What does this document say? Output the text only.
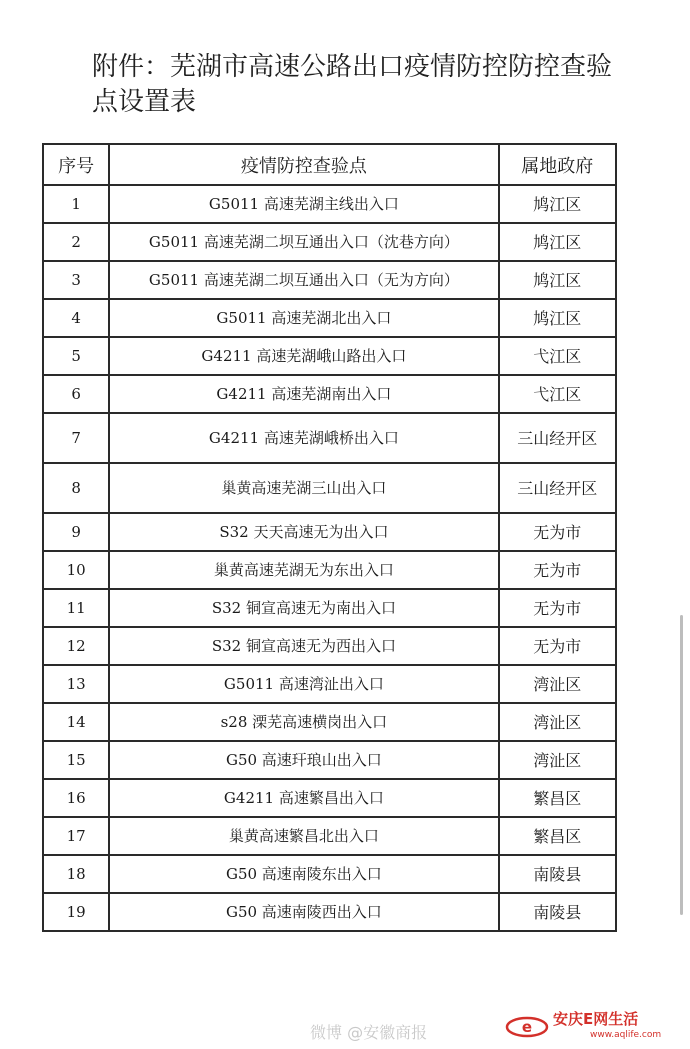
附件：芜湖市高速公路出口疫情防控防控查验点设置表
序号	疫情防控查验点	属地政府
1	G5011 高速芜湖主线出入口	鸠江区
2	G5011 高速芜湖二坝互通出入口（沈巷方向）	鸠江区
3	G5011 高速芜湖二坝互通出入口（无为方向）	鸠江区
4	G5011 高速芜湖北出入口	鸠江区
5	G4211 高速芜湖峨山路出入口	弋江区
6	G4211 高速芜湖南出入口	弋江区
7	G4211 高速芜湖峨桥出入口	三山经开区
8	巢黄高速芜湖三山出入口	三山经开区
9	S32 天天高速无为出入口	无为市
10	巢黄高速芜湖无为东出入口	无为市
11	S32 铜宣高速无为南出入口	无为市
12	S32 铜宣高速无为西出入口	无为市
13	G5011 高速湾沚出入口	湾沚区
14	s28 溧芜高速横岗出入口	湾沚区
15	G50 高速玕琅山出入口	湾沚区
16	G4211 高速繁昌出入口	繁昌区
17	巢黄高速繁昌北出入口	繁昌区
18	G50 高速南陵东出入口	南陵县
19	G50 高速南陵西出入口	南陵县
微博 @安徽商报	e 安庆E网生活
www.aqlife.com
